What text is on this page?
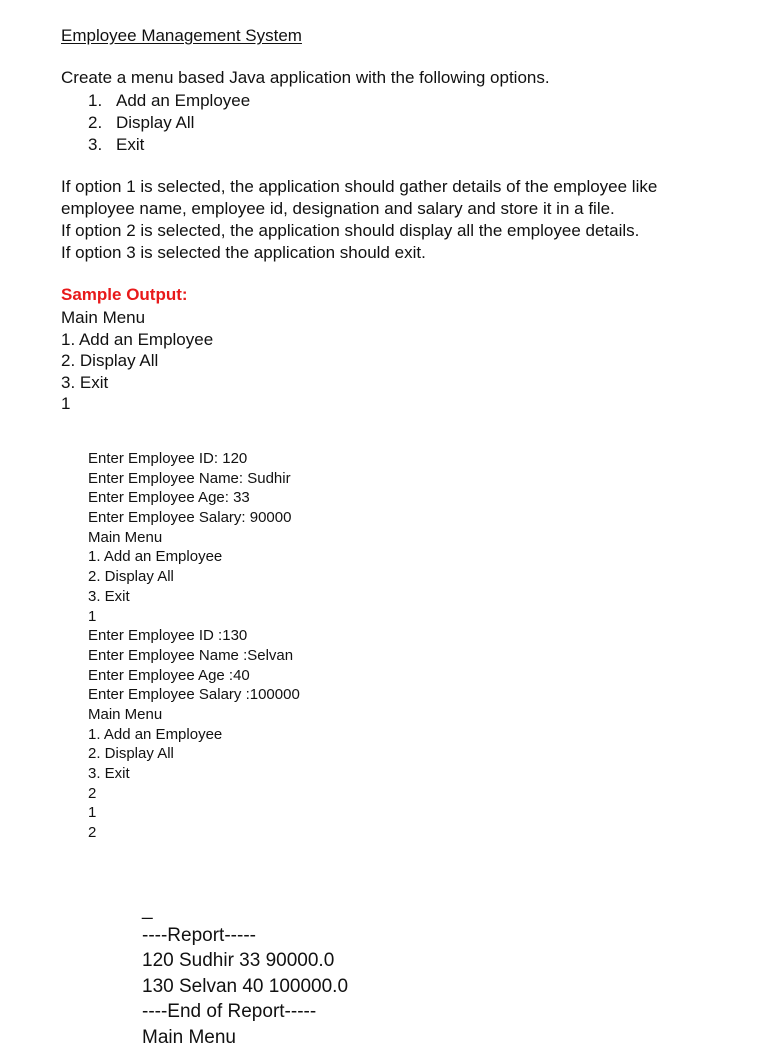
Employee Management System
Create a menu based Java application with the following options.
1. Add an Employee
2. Display All
3. Exit
If option 1 is selected, the application should gather details of the employee like
employee name, employee id, designation and salary and store it in a file.
If option 2 is selected, the application should display all the employee details.
If option 3 is selected the application should exit.
Sample Output:
Main Menu
1. Add an Employee
2. Display All
3. Exit
1
Enter Employee ID: 120
Enter Employee Name: Sudhir
Enter Employee Age: 33
Enter Employee Salary: 90000
Main Menu
1. Add an Employee
2. Display All
3. Exit
1
Enter Employee ID :130
Enter Employee Name :Selvan
Enter Employee Age :40
Enter Employee Salary :100000
Main Menu
1. Add an Employee
2. Display All
3. Exit
2
1
2
_
----Report-----
120 Sudhir 33 90000.0
130 Selvan 40 100000.0
----End of Report-----
Main Menu
